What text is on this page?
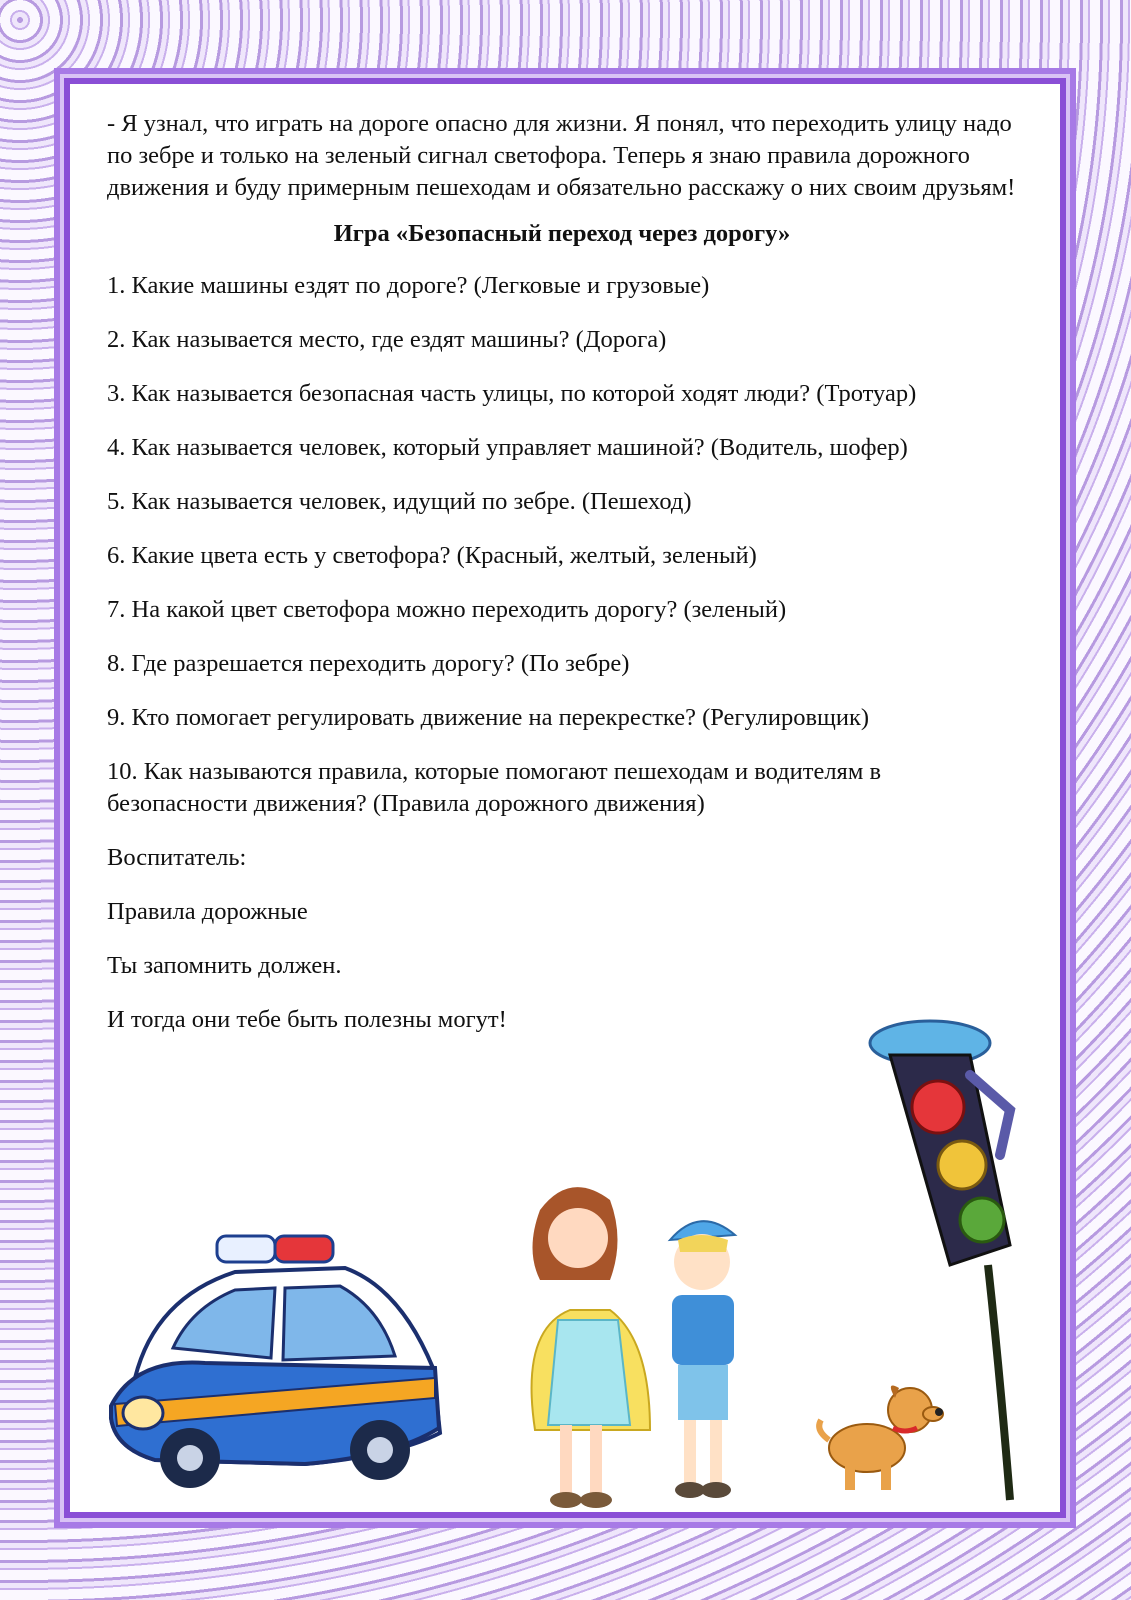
- Я узнал, что играть на дороге опасно для жизни. Я понял, что переходить улицу надо по зебре и только на зеленый сигнал светофора. Теперь я знаю правила дорожного движения и буду примерным пешеходам и обязательно расскажу о них своим друзьям!

Игра «Безопасный переход через дорогу»

1. Какие машины ездят по дороге? (Легковые и грузовые)

2. Как называется место, где ездят машины? (Дорога)

3. Как называется безопасная часть улицы, по которой ходят люди? (Тротуар)

4. Как называется человек, который управляет машиной? (Водитель, шофер)

5. Как называется человек, идущий по зебре. (Пешеход)

6. Какие цвета есть у светофора? (Красный, желтый, зеленый)

7. На какой цвет светофора можно переходить дорогу? (зеленый)

8. Где разрешается переходить дорогу? (По зебре)

9. Кто помогает регулировать движение на перекрестке? (Регулировщик)

10. Как называются правила, которые помогают пешеходам и водителям в безопасности движения? (Правила дорожного движения)

Воспитатель:

Правила дорожные

Ты запомнить должен.

И тогда они тебе быть полезны могут!
